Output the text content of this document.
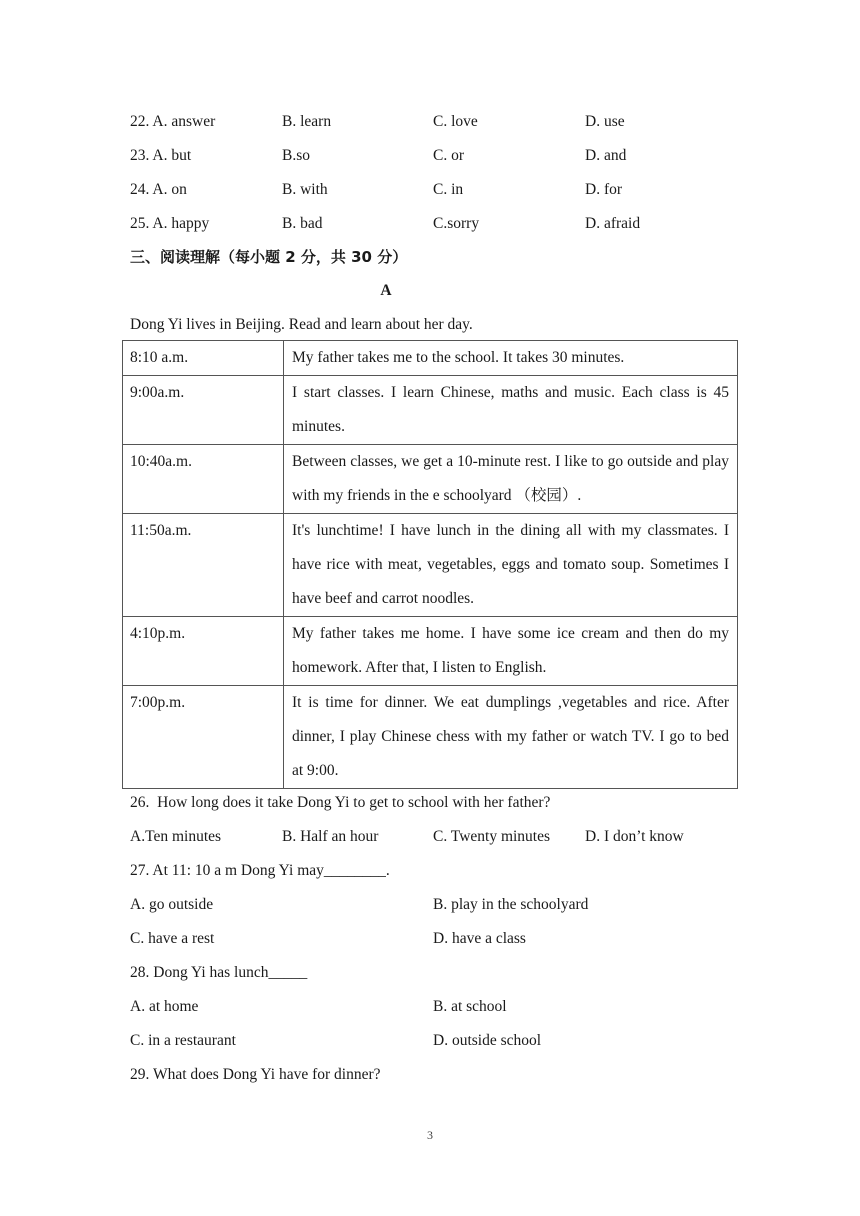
22. A. answer	B. learn	C. love	D. use
23. A. but	B.so	C. or	D. and
24. A. on	B. with	C. in	D. for
25. A. happy	B. bad	C.sorry	D. afraid
三、阅读理解（每小题 2 分，共 30 分）
A
Dong Yi lives in Beijing. Read and learn about her day.
8:10 a.m.	My father takes me to the school. It takes 30 minutes.
9:00a.m.	I start classes. I learn Chinese, maths and music. Each class is 45 minutes.
10:40a.m.	Between classes, we get a 10-minute rest. I like to go outside and play with my friends in the e schoolyard （校园）.
11:50a.m.	It's lunchtime! I have lunch in the dining all with my classmates. I have rice with meat, vegetables, eggs and tomato soup. Sometimes I have beef and carrot noodles.
4:10p.m.	My father takes me home. I have some ice cream and then do my homework. After that, I listen to English.
7:00p.m.	It is time for dinner. We eat dumplings ,vegetables and rice. After dinner, I play Chinese chess with my father or watch TV. I go to bed at 9:00.
26.  How long does it take Dong Yi to get to school with her father?
A.Ten minutes	B. Half an hour	C. Twenty minutes D. I don’t know
27. At 11: 10 a m Dong Yi may________.
A. go outside	B. play in the schoolyard
C. have a rest	D. have a class
28. Dong Yi has lunch_____
A. at home	B. at school
C. in a restaurant	D. outside school
29. What does Dong Yi have for dinner?
3
